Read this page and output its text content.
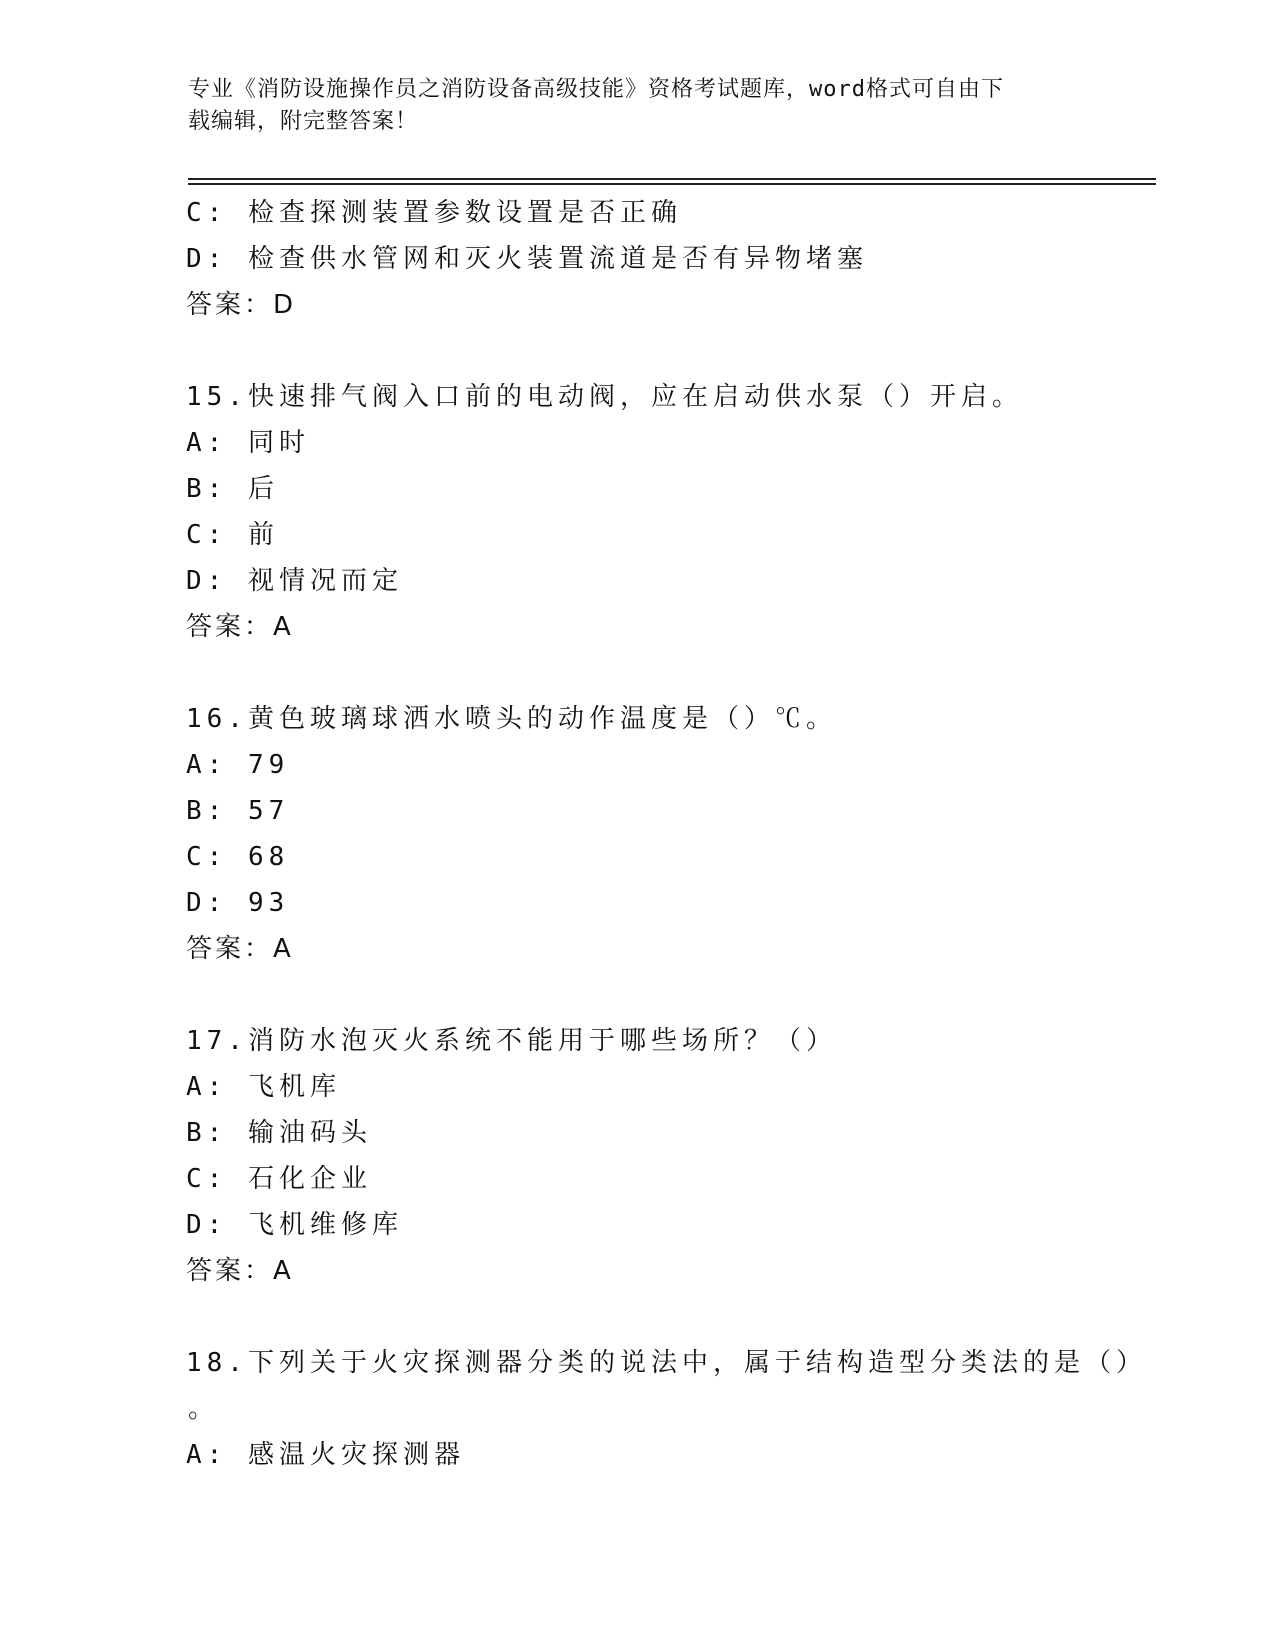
专业《消防设施操作员之消防设备高级技能》资格考试题库，word格式可自由下
载编辑，附完整答案！
C: 检查探测装置参数设置是否正确
D: 检查供水管网和灭火装置流道是否有异物堵塞
答案：D
15.快速排气阀入口前的电动阀，应在启动供水泵（）开启。
A: 同时
B: 后
C: 前
D: 视情况而定
答案：A
16.黄色玻璃球洒水喷头的动作温度是（）℃。
A: 79
B: 57
C: 68
D: 93
答案：A
17.消防水泡灭火系统不能用于哪些场所？（）
A: 飞机库
B: 输油码头
C: 石化企业
D: 飞机维修库
答案：A
18.下列关于火灾探测器分类的说法中，属于结构造型分类法的是（）
。
A: 感温火灾探测器
